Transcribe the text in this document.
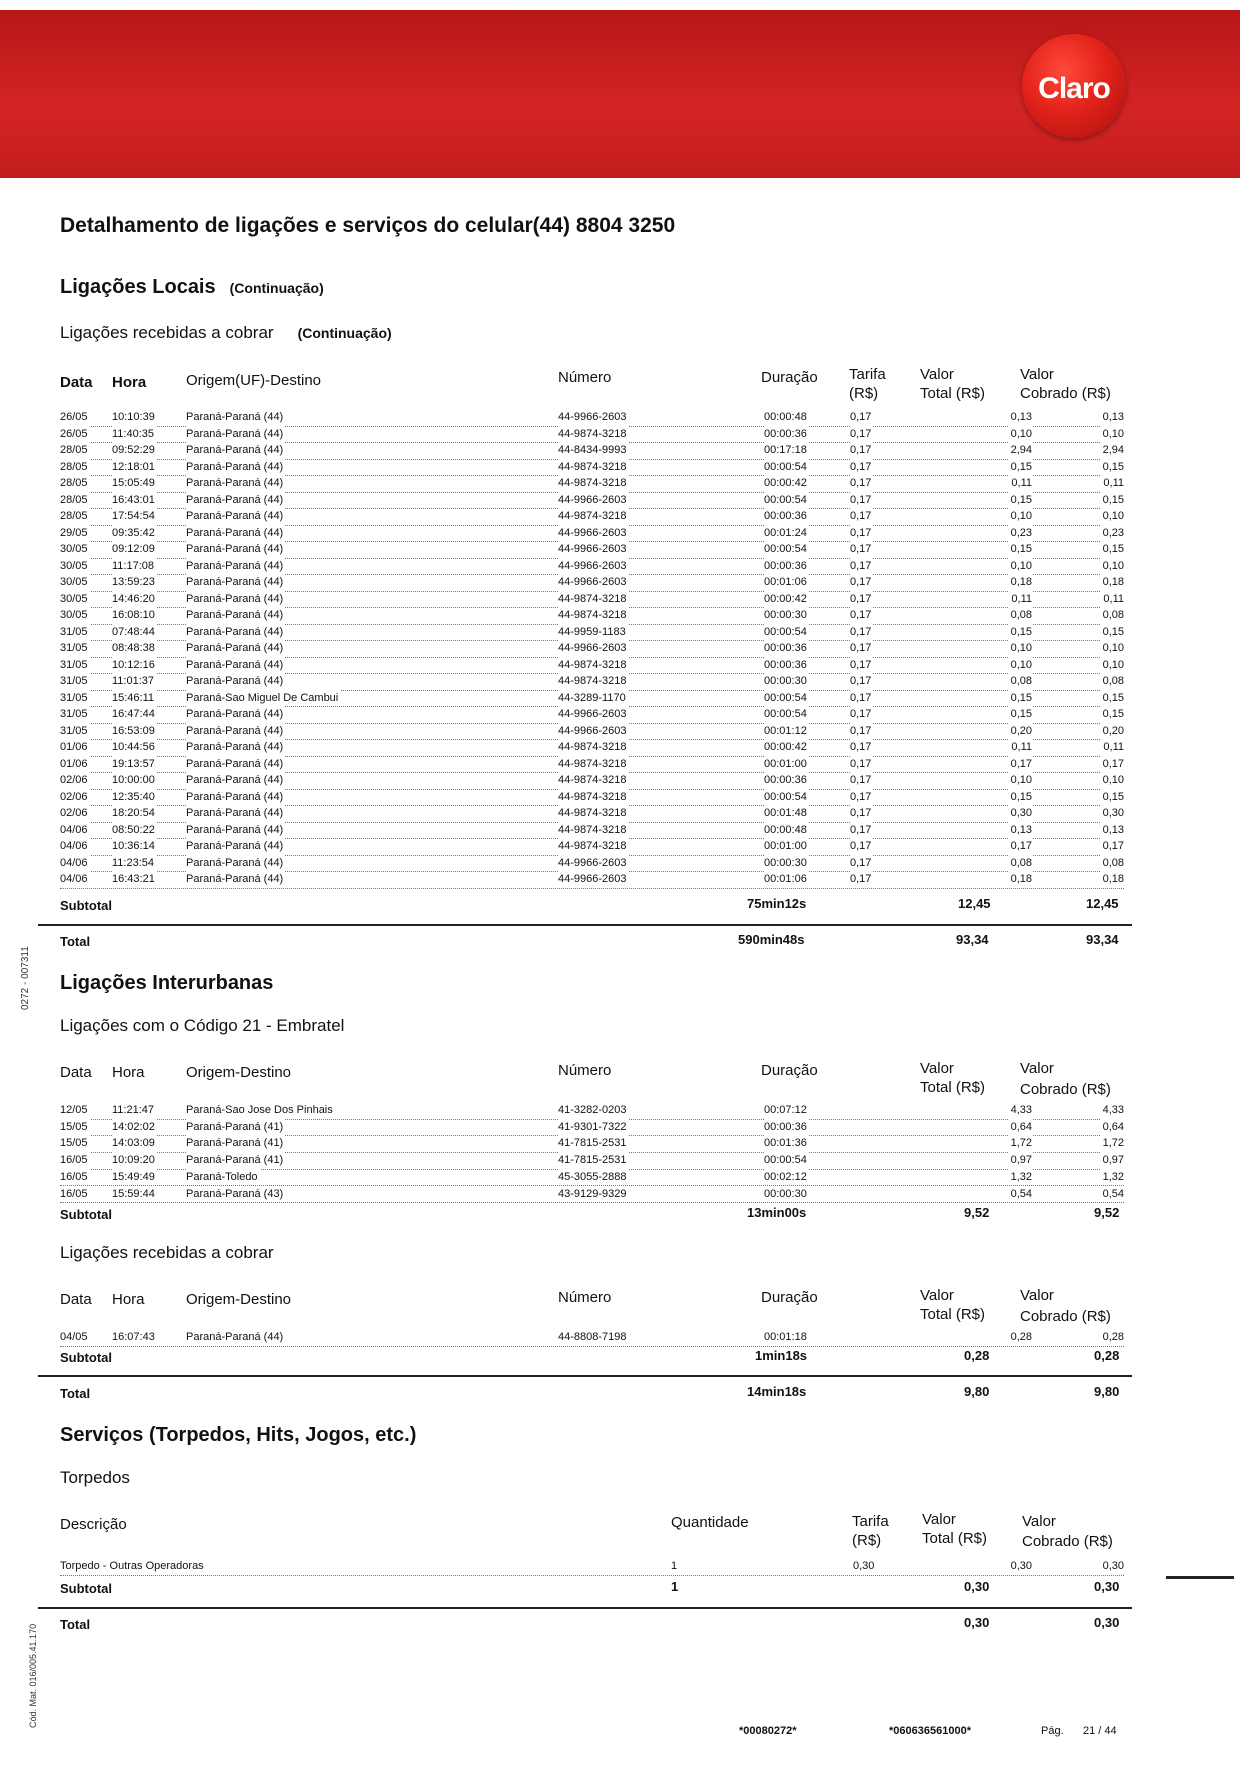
Claro
Detalhamento de ligações e serviços do celular(44) 8804 3250
Ligações Locais (Continuação)
Ligações recebidas a cobrar (Continuação)
Data Hora	Origem(UF)-Destino	Número	Duração Tarifa
(R$)
Valor
Total (R$)
Valor
Cobrado (R$)
26/05 10:10:39	Paraná-Paraná (44)	44-9966-2603	00:00:48	0,17	0,13	0,13
26/05 11:40:35	Paraná-Paraná (44)	44-9874-3218	00:00:36	0,17	0,10	0,10
28/05 09:52:29	Paraná-Paraná (44)	44-8434-9993	00:17:18	0,17	2,94	2,94
28/05 12:18:01	Paraná-Paraná (44)	44-9874-3218	00:00:54	0,17	0,15	0,15
28/05 15:05:49	Paraná-Paraná (44)	44-9874-3218	00:00:42	0,17	0,11	0,11
28/05 16:43:01	Paraná-Paraná (44)	44-9966-2603	00:00:54	0,17	0,15	0,15
28/05 17:54:54	Paraná-Paraná (44)	44-9874-3218	00:00:36	0,17	0,10	0,10
29/05 09:35:42	Paraná-Paraná (44)	44-9966-2603	00:01:24	0,17	0,23	0,23
30/05 09:12:09	Paraná-Paraná (44)	44-9966-2603	00:00:54	0,17	0,15	0,15
30/05 11:17:08	Paraná-Paraná (44)	44-9966-2603	00:00:36	0,17	0,10	0,10
30/05 13:59:23	Paraná-Paraná (44)	44-9966-2603	00:01:06	0,17	0,18	0,18
30/05 14:46:20	Paraná-Paraná (44)	44-9874-3218	00:00:42	0,17	0,11	0,11
30/05 16:08:10	Paraná-Paraná (44)	44-9874-3218	00:00:30	0,17	0,08	0,08
31/05 07:48:44	Paraná-Paraná (44)	44-9959-1183	00:00:54	0,17	0,15	0,15
31/05 08:48:38	Paraná-Paraná (44)	44-9966-2603	00:00:36	0,17	0,10	0,10
31/05 10:12:16	Paraná-Paraná (44)	44-9874-3218	00:00:36	0,17	0,10	0,10
31/05 11:01:37	Paraná-Paraná (44)	44-9874-3218	00:00:30	0,17	0,08	0,08
31/05 15:46:11	Paraná-Sao Miguel De Cambui	44-3289-1170	00:00:54	0,17	0,15	0,15
31/05 16:47:44	Paraná-Paraná (44)	44-9966-2603	00:00:54	0,17	0,15	0,15
31/05 16:53:09	Paraná-Paraná (44)	44-9966-2603	00:01:12	0,17	0,20	0,20
01/06 10:44:56	Paraná-Paraná (44)	44-9874-3218	00:00:42	0,17	0,11	0,11
01/06 19:13:57	Paraná-Paraná (44)	44-9874-3218	00:01:00	0,17	0,17	0,17
02/06 10:00:00	Paraná-Paraná (44)	44-9874-3218	00:00:36	0,17	0,10	0,10
02/06 12:35:40	Paraná-Paraná (44)	44-9874-3218	00:00:54	0,17	0,15	0,15
02/06 18:20:54	Paraná-Paraná (44)	44-9874-3218	00:01:48	0,17	0,30	0,30
04/06 08:50:22	Paraná-Paraná (44)	44-9874-3218	00:00:48	0,17	0,13	0,13
04/06 10:36:14	Paraná-Paraná (44)	44-9874-3218	00:01:00	0,17	0,17	0,17
04/06 11:23:54	Paraná-Paraná (44)	44-9966-2603	00:00:30	0,17	0,08	0,08
04/06 16:43:21	Paraná-Paraná (44)	44-9966-2603	00:01:06	0,17	0,18	0,18
Subtotal	75min12s	12,45	12,45
Total	590min48s	93,34	93,34
Ligações Interurbanas
Ligações com o Código 21 - Embratel
Data Hora	Origem-Destino	Número	Duração	Valor
Total (R$)
Valor
Cobrado (R$)
12/05 11:21:47	Paraná-Sao Jose Dos Pinhais	41-3282-0203	00:07:12	4,33	4,33
15/05 14:02:02	Paraná-Paraná (41)	41-9301-7322	00:00:36	0,64	0,64
15/05 14:03:09	Paraná-Paraná (41)	41-7815-2531	00:01:36	1,72	1,72
16/05 10:09:20	Paraná-Paraná (41)	41-7815-2531	00:00:54	0,97	0,97
16/05 15:49:49	Paraná-Toledo	45-3055-2888	00:02:12	1,32	1,32
16/05 15:59:44	Paraná-Paraná (43)	43-9129-9329	00:00:30	0,54	0,54
Subtotal	13min00s	9,52	9,52
Ligações recebidas a cobrar
Data Hora	Origem-Destino	Número	Duração	Valor
Total (R$)
Valor
Cobrado (R$)
04/05 16:07:43	Paraná-Paraná (44)	44-8808-7198	00:01:18	0,28	0,28
Subtotal	1min18s	0,28	0,28
Total	14min18s	9,80	9,80
Serviços (Torpedos, Hits, Jogos, etc.)
Torpedos
Descrição	Quantidade	Tarifa
(R$)
Valor
Total (R$)
Valor
Cobrado (R$)
Torpedo - Outras Operadoras	1	0,30	0,30	0,30
Subtotal	1	0,30	0,30
Total	0,30	0,30
0272 - 007311
Cód. Mat. 016/005.41.170
*00080272*	*060636561000*	Pág. 21 / 44
